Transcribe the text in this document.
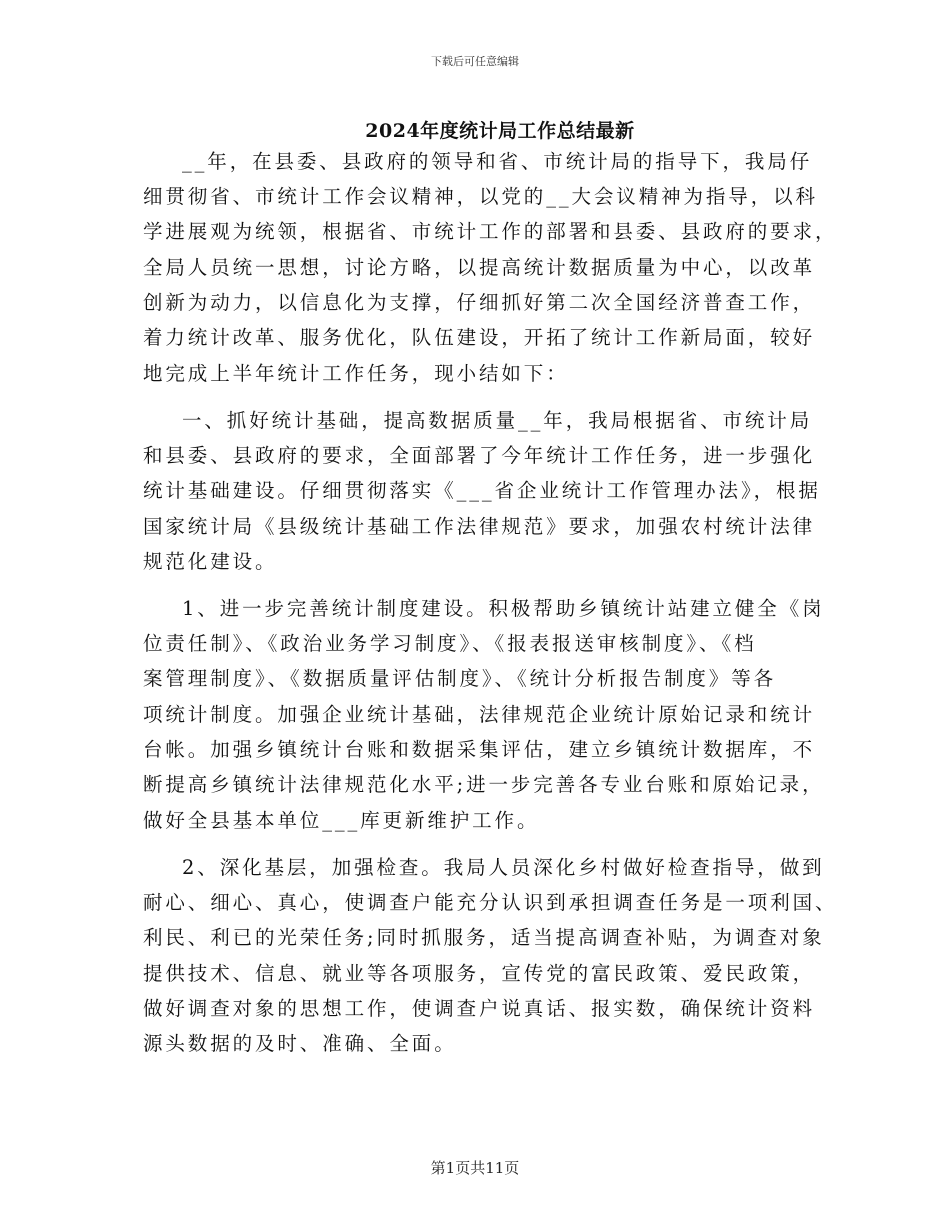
下载后可任意编辑
2024年度统计局工作总结最新
__年，在县委、县政府的领导和省、市统计局的指导下，我局仔
细贯彻省、市统计工作会议精神，以党的__大会议精神为指导，以科
学进展观为统领，根据省、市统计工作的部署和县委、县政府的要求，
全局人员统一思想，讨论方略，以提高统计数据质量为中心，以改革
创新为动力，以信息化为支撑，仔细抓好第二次全国经济普查工作，
着力统计改革、服务优化，队伍建设，开拓了统计工作新局面，较好
地完成上半年统计工作任务，现小结如下：
一、抓好统计基础，提高数据质量__年，我局根据省、市统计局
和县委、县政府的要求，全面部署了今年统计工作任务，进一步强化
统计基础建设。仔细贯彻落实《___省企业统计工作管理办法》，根据
国家统计局《县级统计基础工作法律规范》要求，加强农村统计法律
规范化建设。
1、进一步完善统计制度建设。积极帮助乡镇统计站建立健全《岗
位责任制》、《政治业务学习制度》、《报表报送审核制度》、《档
案管理制度》、《数据质量评估制度》、《统计分析报告制度》等各
项统计制度。加强企业统计基础，法律规范企业统计原始记录和统计
台帐。加强乡镇统计台账和数据采集评估，建立乡镇统计数据库，不
断提高乡镇统计法律规范化水平;进一步完善各专业台账和原始记录，
做好全县基本单位___库更新维护工作。
2、深化基层，加强检查。我局人员深化乡村做好检查指导，做到
耐心、细心、真心，使调查户能充分认识到承担调查任务是一项利国、
利民、利已的光荣任务;同时抓服务，适当提高调查补贴，为调查对象
提供技术、信息、就业等各项服务，宣传党的富民政策、爱民政策，
做好调查对象的思想工作，使调查户说真话、报实数，确保统计资料
源头数据的及时、准确、全面。
第1页共11页
